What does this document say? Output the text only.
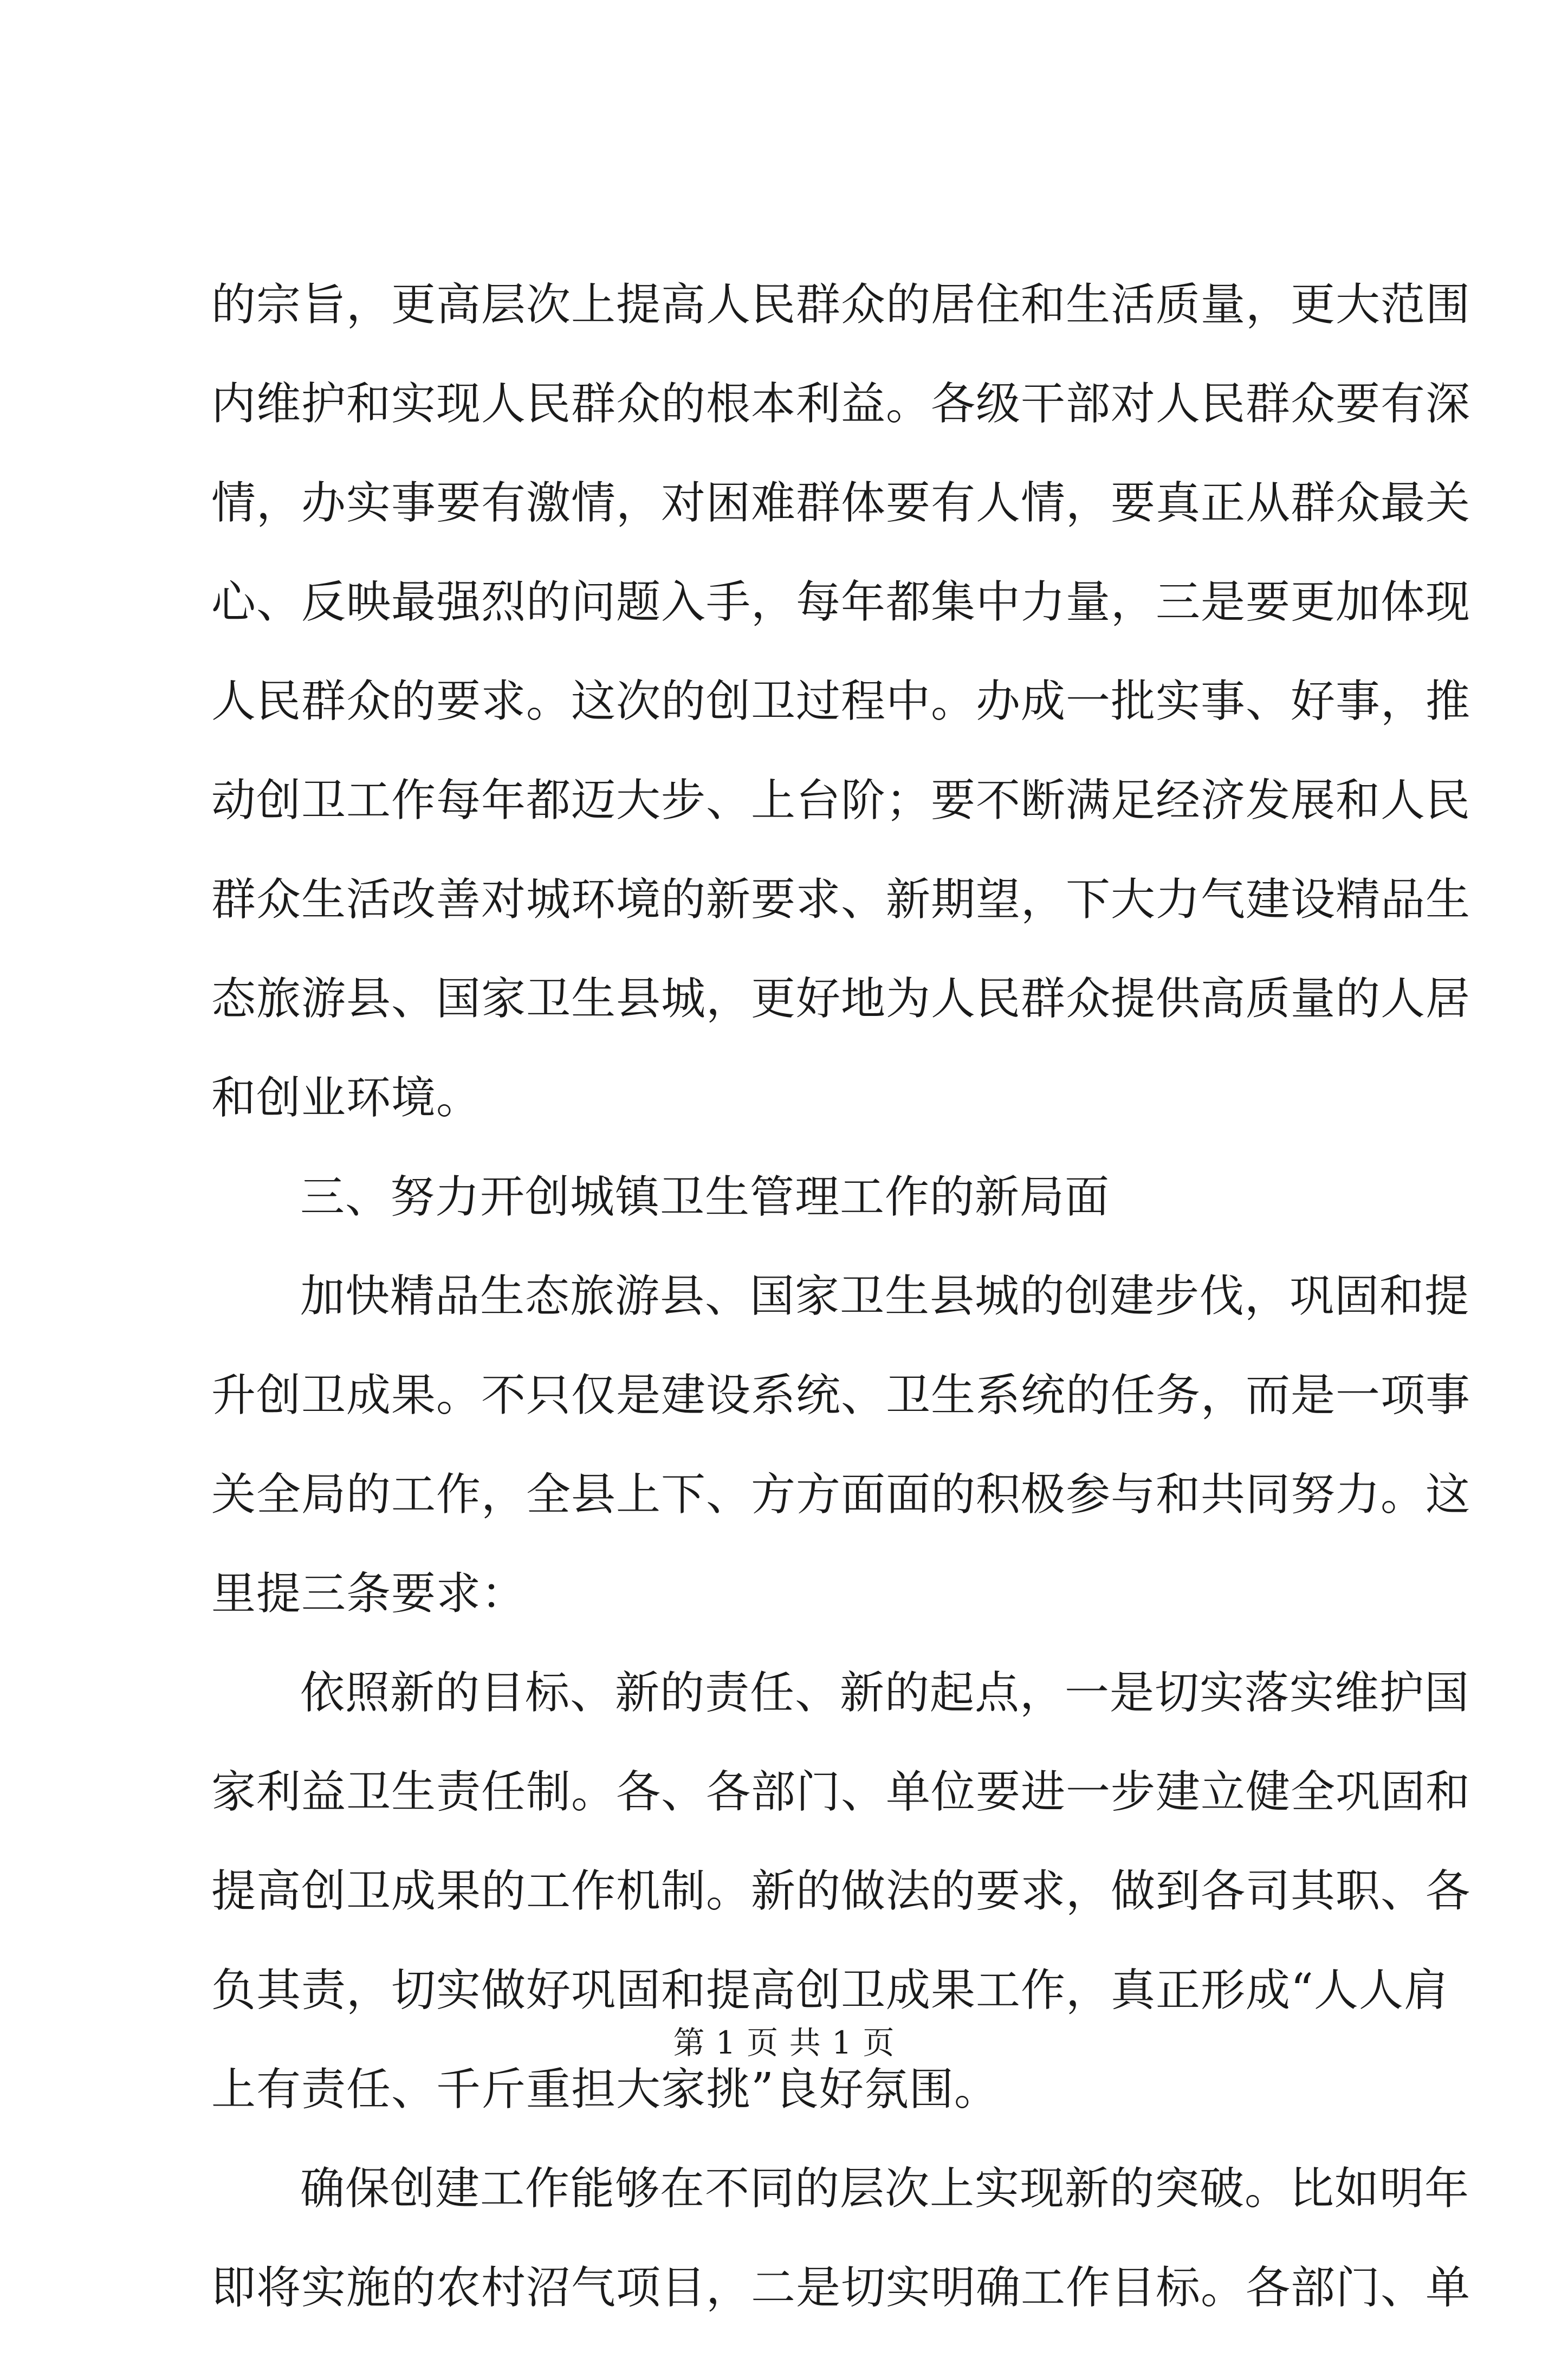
的宗旨，更高层次上提高人民群众的居住和生活质量，更大范围
内维护和实现人民群众的根本利益。各级干部对人民群众要有深
情，办实事要有激情，对困难群体要有人情，要真正从群众最关
心、反映最强烈的问题入手，每年都集中力量，三是要更加体现
人民群众的要求。这次的创卫过程中。办成一批实事、好事，推
动创卫工作每年都迈大步、上台阶；要不断满足经济发展和人民
群众生活改善对城环境的新要求、新期望，下大力气建设精品生
态旅游县、国家卫生县城，更好地为人民群众提供高质量的人居
和创业环境。
三、努力开创城镇卫生管理工作的新局面
加快精品生态旅游县、国家卫生县城的创建步伐，巩固和提
升创卫成果。不只仅是建设系统、卫生系统的任务，而是一项事
关全局的工作，全县上下、方方面面的积极参与和共同努力。这
里提三条要求：
依照新的目标、新的责任、新的起点，一是切实落实维护国
家利益卫生责任制。各、各部门、单位要进一步建立健全巩固和
提高创卫成果的工作机制。新的做法的要求，做到各司其职、各
负其责，切实做好巩固和提高创卫成果工作，真正形成“人人肩
上有责任、千斤重担大家挑”良好氛围。
确保创建工作能够在不同的层次上实现新的突破。比如明年
即将实施的农村沼气项目，二是切实明确工作目标。各部门、单
第 1 页 共 1 页
